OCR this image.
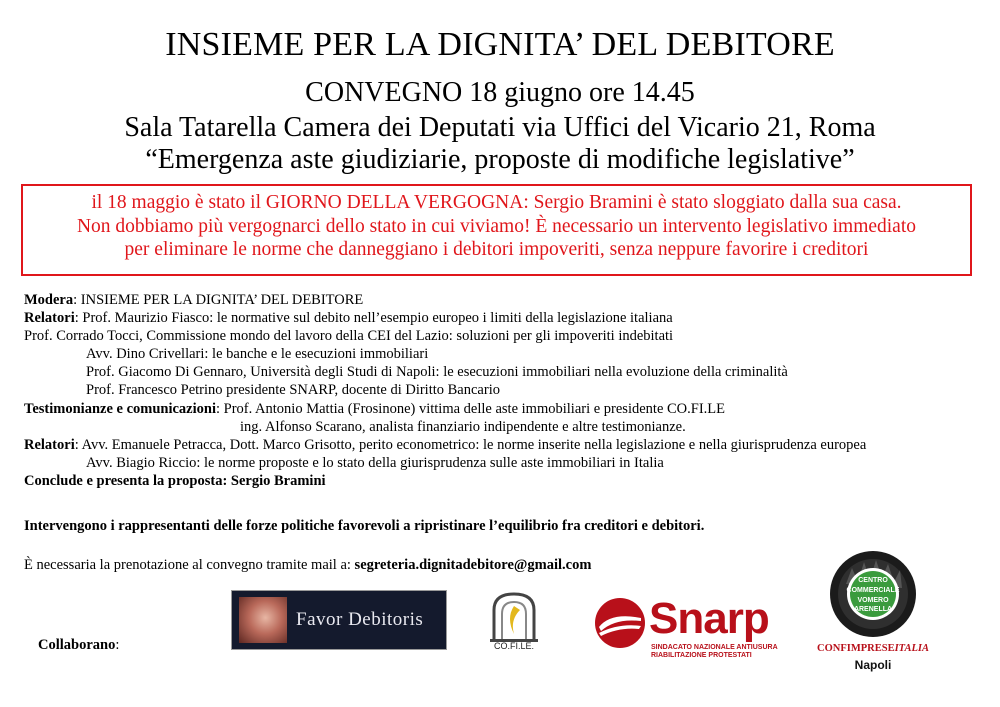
INSIEME PER LA DIGNITA’ DEL DEBITORE
CONVEGNO 18 giugno ore 14.45
Sala Tatarella Camera dei Deputati via Uffici del Vicario 21, Roma
“Emergenza aste giudiziarie, proposte di modifiche legislative”
il 18 maggio è stato il GIORNO DELLA VERGOGNA: Sergio Bramini è stato sloggiato dalla sua casa.
Non dobbiamo più vergognarci dello stato in cui viviamo! È necessario un intervento legislativo immediato
per eliminare le norme che danneggiano i debitori impoveriti, senza neppure favorire i creditori
Modera: INSIEME PER LA DIGNITA’ DEL DEBITORE
Relatori: Prof. Maurizio Fiasco: le normative sul debito nell’esempio europeo i limiti della legislazione italiana
Prof. Corrado Tocci, Commissione mondo del lavoro della CEI del Lazio: soluzioni per gli impoveriti indebitati
Avv. Dino Crivellari: le banche e le esecuzioni immobiliari
Prof. Giacomo Di Gennaro, Università degli Studi di Napoli: le esecuzioni immobiliari nella evoluzione della criminalità
Prof. Francesco Petrino presidente SNARP, docente di Diritto Bancario
Testimonianze e comunicazioni: Prof. Antonio Mattia (Frosinone) vittima delle aste immobiliari e presidente CO.FI.LE
ing. Alfonso Scarano, analista finanziario indipendente e altre testimonianze.
Relatori: Avv. Emanuele Petracca, Dott. Marco Grisotto, perito econometrico: le norme inserite nella legislazione e nella giurisprudenza europea
Avv. Biagio Riccio: le norme proposte e lo stato della giurisprudenza sulle aste immobiliari in Italia
Conclude e presenta la proposta: Sergio Bramini
Intervengono i rappresentanti delle forze politiche favorevoli a ripristinare l’equilibrio fra creditori e debitori.
È necessaria la prenotazione al convegno tramite mail a: segreteria.dignitadebitore@gmail.com
Collaborano:
Favor Debitoris
CO.FI.LE.
Snarp
SINDACATO NAZIONALE ANTIUSURA
RIABILITAZIONE PROTESTATI
CENTRO
COMMERCIALE
VOMERO
ARENELLA
CONFIMPRESEITALIA
Napoli
